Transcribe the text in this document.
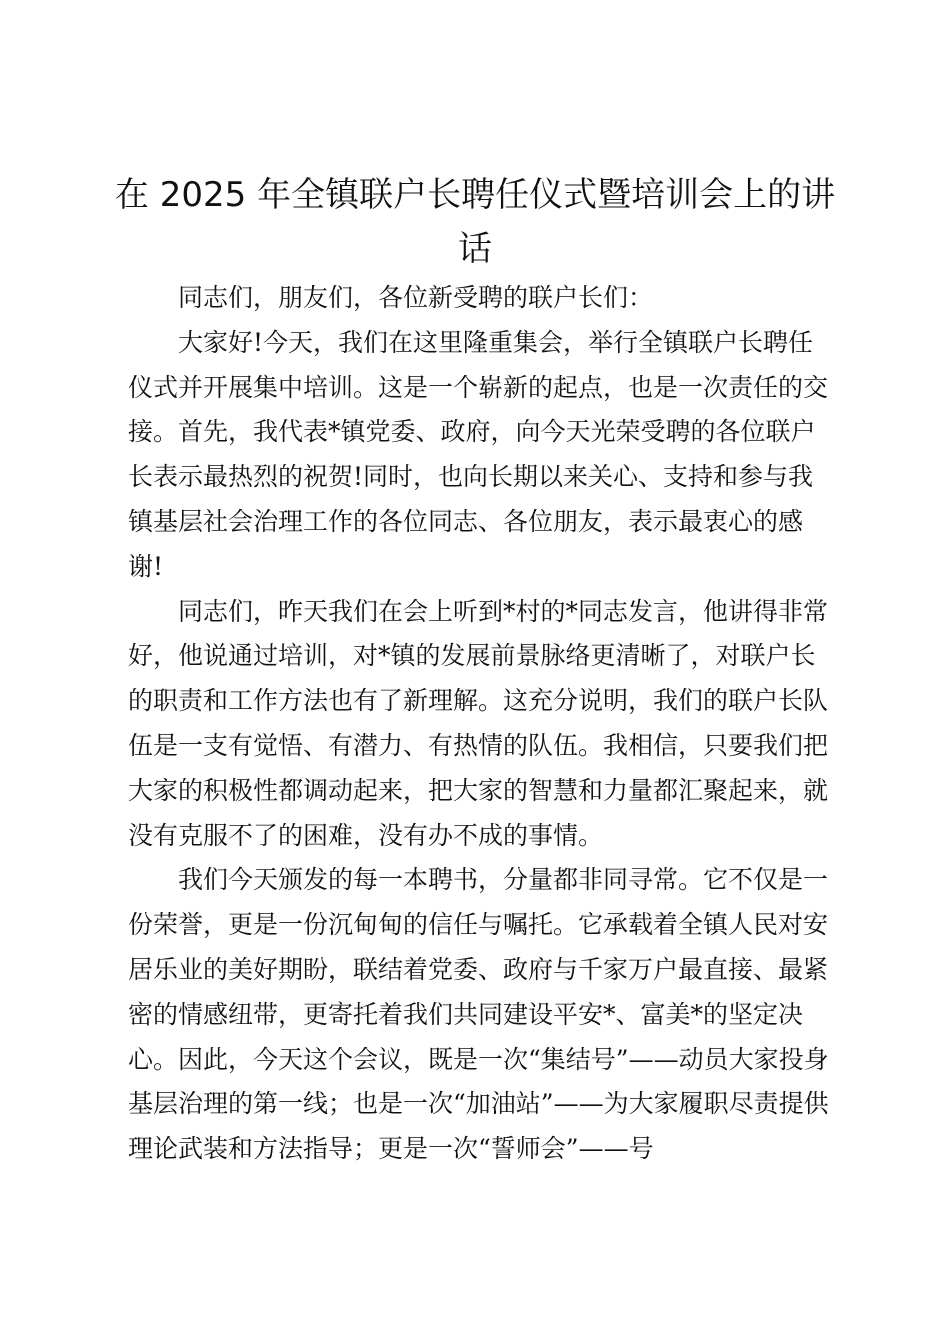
在 2025 年全镇联户长聘任仪式暨培训会上的讲话

同志们，朋友们，各位新受聘的联户长们：

大家好!今天，我们在这里隆重集会，举行全镇联户长聘任仪式并开展集中培训。这是一个崭新的起点，也是一次责任的交接。首先，我代表*镇党委、政府，向今天光荣受聘的各位联户长表示最热烈的祝贺!同时，也向长期以来关心、支持和参与我镇基层社会治理工作的各位同志、各位朋友，表示最衷心的感谢!

同志们，昨天我们在会上听到*村的*同志发言，他讲得非常好，他说通过培训，对*镇的发展前景脉络更清晰了，对联户长的职责和工作方法也有了新理解。这充分说明，我们的联户长队伍是一支有觉悟、有潜力、有热情的队伍。我相信，只要我们把大家的积极性都调动起来，把大家的智慧和力量都汇聚起来，就没有克服不了的困难，没有办不成的事情。

我们今天颁发的每一本聘书，分量都非同寻常。它不仅是一份荣誉，更是一份沉甸甸的信任与嘱托。它承载着全镇人民对安居乐业的美好期盼，联结着党委、政府与千家万户最直接、最紧密的情感纽带，更寄托着我们共同建设平安*、富美*的坚定决心。因此，今天这个会议，既是一次“集结号”——动员大家投身基层治理的第一线；也是一次“加油站”——为大家履职尽责提供理论武装和方法指导；更是一次“誓师会”——号
